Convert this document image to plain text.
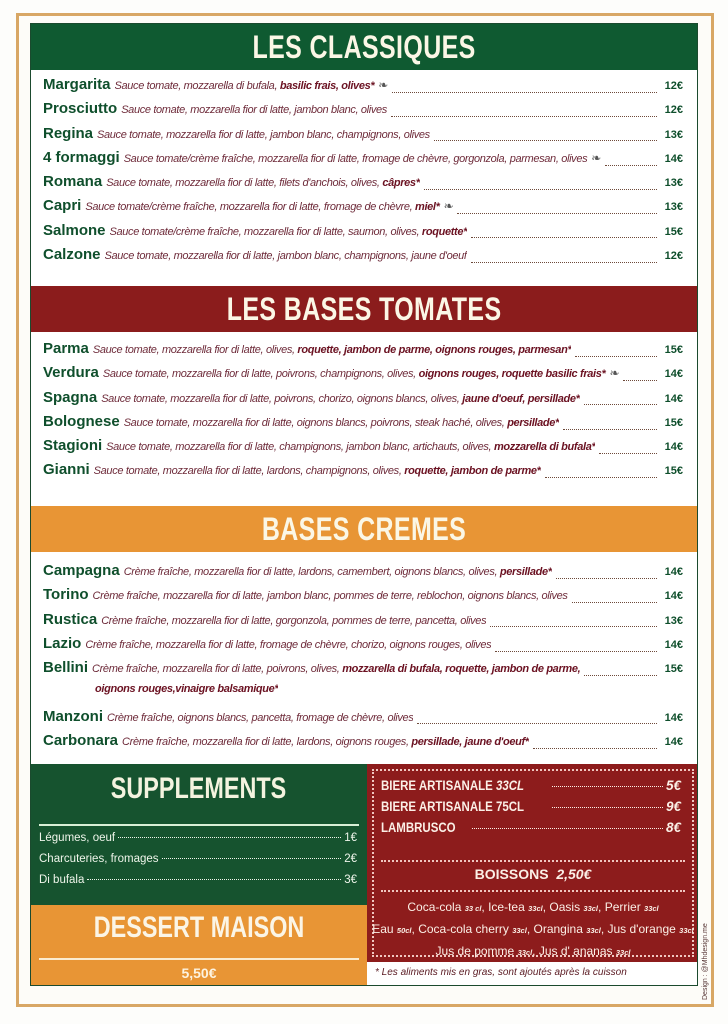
LES CLASSIQUES
Margarita Sauce tomate, mozzarella di bufala, basilic frais, olives* ❧	12€
Prosciutto Sauce tomate, mozzarella fior di latte, jambon blanc, olives	12€
Regina Sauce tomate, mozzarella fior di latte, jambon blanc, champignons, olives	13€
4 formaggi Sauce tomate/crème fraîche, mozzarella fior di latte, fromage de chèvre, gorgonzola, parmesan, olives ❧	14€
Romana Sauce tomate, mozzarella fior di latte, filets d'anchois, olives, câpres*	13€
Capri Sauce tomate/crème fraîche, mozzarella fior di latte, fromage de chèvre, miel* ❧	13€
Salmone Sauce tomate/crème fraîche, mozzarella fior di latte, saumon, olives, roquette*	15€
Calzone Sauce tomate, mozzarella fior di latte, jambon blanc, champignons, jaune d'oeuf	12€
LES BASES TOMATES
Parma Sauce tomate, mozzarella fior di latte, olives, roquette, jambon de parme, oignons rouges, parmesan*	15€
Verdura Sauce tomate, mozzarella fior di latte, poivrons, champignons, olives, oignons rouges, roquette basilic frais* ❧	14€
Spagna Sauce tomate, mozzarella fior di latte, poivrons, chorizo, oignons blancs, olives, jaune d'oeuf, persillade*	14€
Bolognese Sauce tomate, mozzarella fior di latte, oignons blancs, poivrons, steak haché, olives, persillade*	15€
Stagioni Sauce tomate, mozzarella fior di latte, champignons, jambon blanc, artichauts, olives, mozzarella di bufala*	14€
Gianni Sauce tomate, mozzarella fior di latte, lardons, champignons, olives, roquette, jambon de parme*	15€
BASES CREMES
Campagna Crème fraîche, mozzarella fior di latte, lardons, camembert, oignons blancs, olives, persillade*	14€
Torino Crème fraîche, mozzarella fior di latte, jambon blanc, pommes de terre, reblochon, oignons blancs, olives	14€
Rustica Crème fraîche, mozzarella fior di latte, gorgonzola, pommes de terre, pancetta, olives	13€
Lazio Crème fraîche, mozzarella fior di latte, fromage de chèvre, chorizo, oignons rouges, olives	14€
Bellini Crème fraîche, mozzarella fior di latte, poivrons, olives, mozzarella di bufala, roquette, jambon de parme,	15€
oignons rouges,vinaigre balsamique*
Manzoni Crème fraîche, oignons blancs, pancetta, fromage de chèvre, olives	14€
Carbonara Crème fraîche, mozzarella fior di latte, lardons, oignons rouges, persillade, jaune d'oeuf*	14€
SUPPLEMENTS
Légumes, oeuf	1€
Charcuteries, fromages	2€
Di bufala	3€
DESSERT MAISON
5,50€
BIERE ARTISANALE 33CL	5€
BIERE ARTISANALE 75CL	9€
LAMBRUSCO	8€
BOISSONS 2,50€
Coca-cola 33 cl, Ice-tea 33cl, Oasis 33cl, Perrier 33cl
Eau 50cl, Coca-cola cherry 33cl, Orangina 33cl, Jus d'orange 33cl
Jus de pomme 33cl, Jus d' ananas 33cl
* Les aliments mis en gras, sont ajoutés après la cuisson	Design : @Mhdesign.me
